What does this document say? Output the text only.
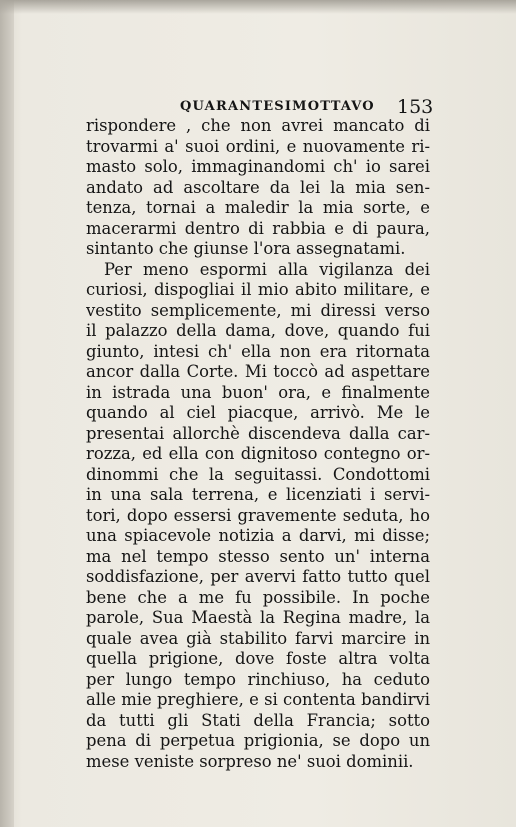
QUARANTESIMOTTAVO 153
rispondere , che non avrei mancato di
trovarmi a' suoi ordini, e nuovamente ri-
masto solo, immaginandomi ch' io sarei
andato ad ascoltare da lei la mia sen-
tenza, tornai a maledir la mia sorte, e
macerarmi dentro di rabbia e di paura,
sintanto che giunse l'ora assegnatami.
Per meno espormi alla vigilanza dei
curiosi, dispogliai il mio abito militare, e
vestito semplicemente, mi diressi verso
il palazzo della dama, dove, quando fui
giunto, intesi ch' ella non era ritornata
ancor dalla Corte. Mi toccò ad aspettare
in istrada una buon' ora, e finalmente
quando al ciel piacque, arrivò. Me le
presentai allorchè discendeva dalla car-
rozza, ed ella con dignitoso contegno or-
dinommi che la seguitassi. Condottomi
in una sala terrena, e licenziati i servi-
tori, dopo essersi gravemente seduta, ho
una spiacevole notizia a darvi, mi disse;
ma nel tempo stesso sento un' interna
soddisfazione, per avervi fatto tutto quel
bene che a me fu possibile. In poche
parole, Sua Maestà la Regina madre, la
quale avea già stabilito farvi marcire in
quella prigione, dove foste altra volta
per lungo tempo rinchiuso, ha ceduto
alle mie preghiere, e si contenta bandirvi
da tutti gli Stati della Francia; sotto
pena di perpetua prigionia, se dopo un
mese veniste sorpreso ne' suoi dominii.
